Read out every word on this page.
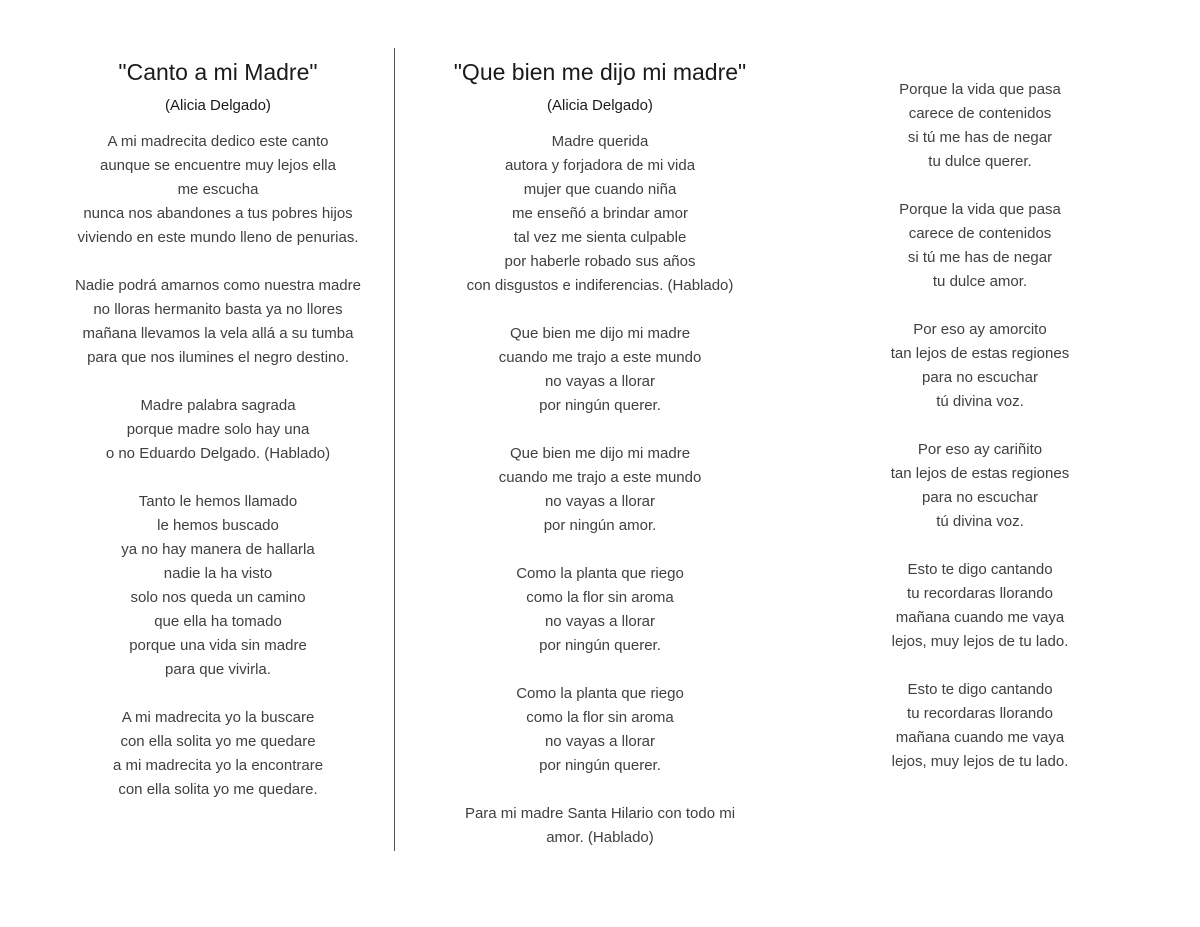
"Canto a mi Madre"
(Alicia Delgado)
A mi madrecita dedico este canto
aunque se encuentre muy lejos ella
me escucha
nunca nos abandones a tus pobres hijos
viviendo en este mundo lleno de penurias.
Nadie podrá amarnos como nuestra madre
no lloras hermanito basta ya no llores
mañana llevamos la vela allá a su tumba
para que nos ilumines el negro destino.
Madre palabra sagrada
porque madre solo hay una
o no Eduardo Delgado. (Hablado)
Tanto le hemos llamado
le hemos buscado
ya no hay manera de hallarla
nadie la ha visto
solo nos queda un camino
que ella ha tomado
porque una vida sin madre
para que vivirla.
A mi madrecita yo la buscare
con ella solita yo me quedare
a mi madrecita yo la encontrare
con ella solita yo me quedare.
"Que bien me dijo mi madre"
(Alicia Delgado)
Madre querida
autora y forjadora de mi vida
mujer que cuando niña
me enseñó a brindar amor
tal vez me sienta culpable
por haberle robado sus años
con disgustos e indiferencias. (Hablado)
Que bien me dijo mi madre
cuando me trajo a este mundo
no vayas a llorar
por ningún querer.
Que bien me dijo mi madre
cuando me trajo a este mundo
no vayas a llorar
por ningún amor.
Como la planta que riego
como la flor sin aroma
no vayas a llorar
por ningún querer.
Como la planta que riego
como la flor sin aroma
no vayas a llorar
por ningún querer.
Para mi madre Santa Hilario con todo mi
amor. (Hablado)
Porque la vida que pasa
carece de contenidos
si tú me has de negar
tu dulce querer.
Porque la vida que pasa
carece de contenidos
si tú me has de negar
tu dulce amor.
Por eso ay amorcito
tan lejos de estas regiones
para no escuchar
tú divina voz.
Por eso ay cariñito
tan lejos de estas regiones
para no escuchar
tú divina voz.
Esto te digo cantando
tu recordaras llorando
mañana cuando me vaya
lejos, muy lejos de tu lado.
Esto te digo cantando
tu recordaras llorando
mañana cuando me vaya
lejos, muy lejos de tu lado.
